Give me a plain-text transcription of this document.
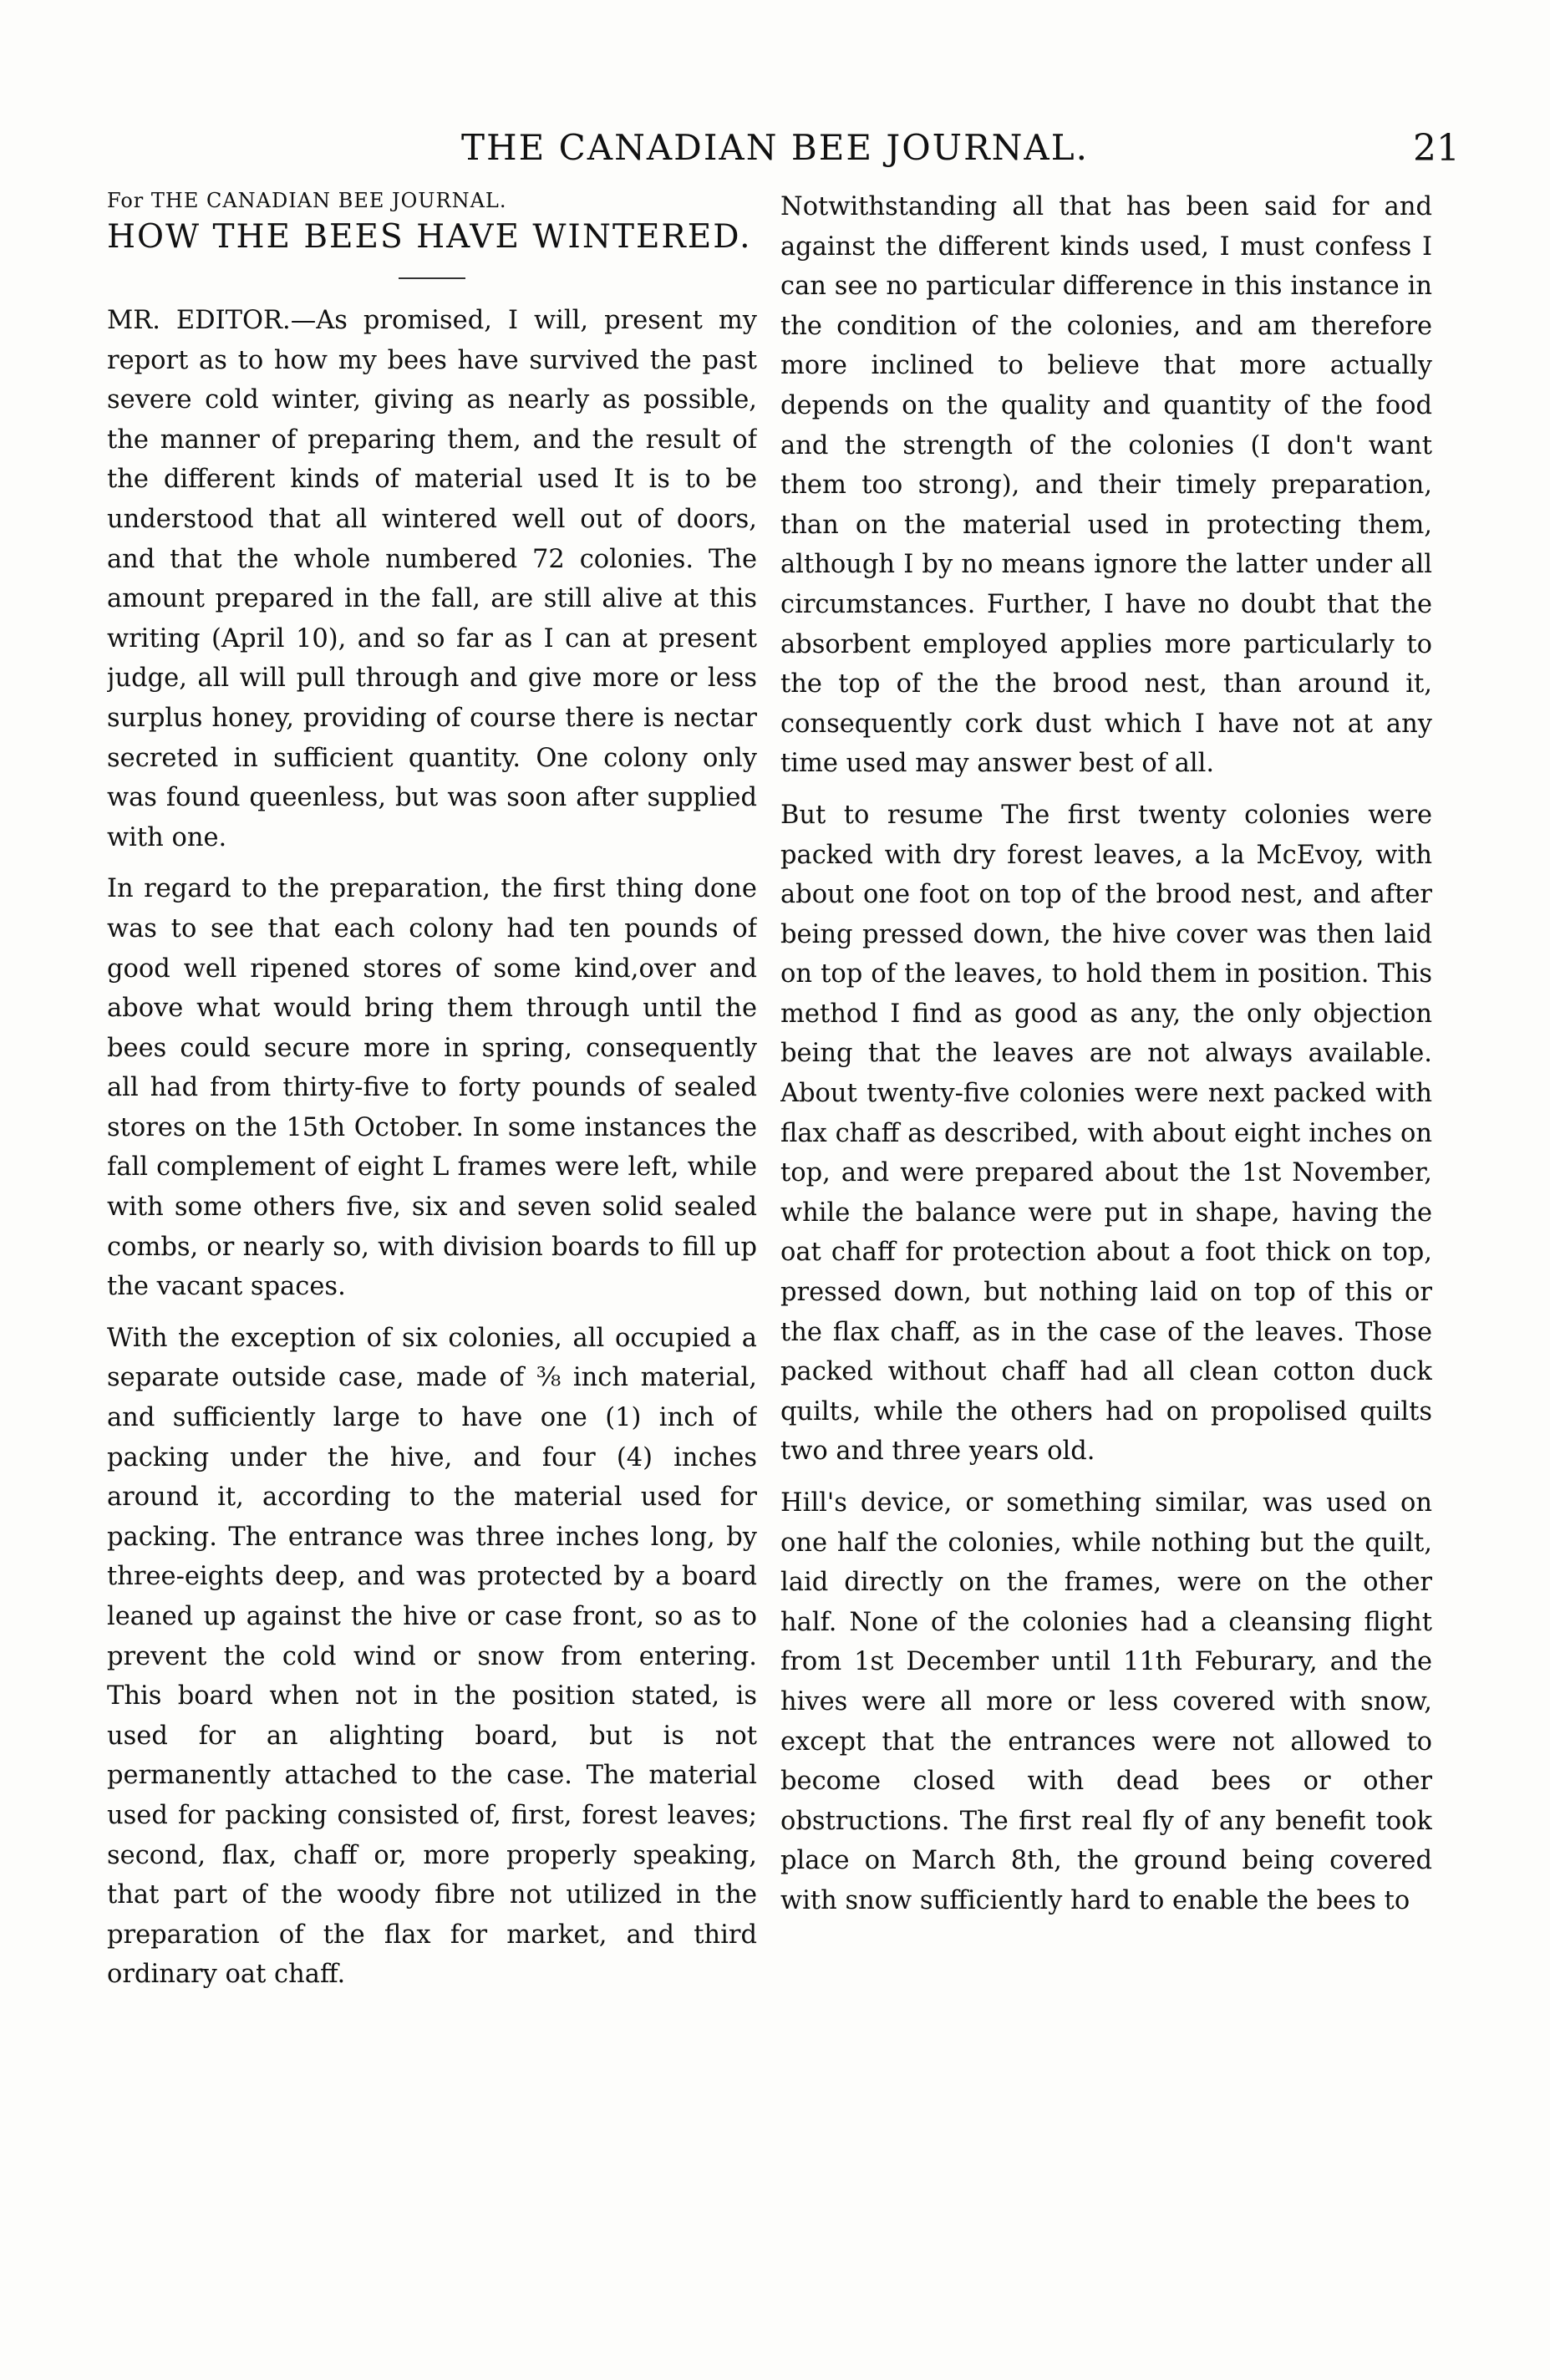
THE CANADIAN BEE JOURNAL.	21

For THE CANADIAN BEE JOURNAL.

HOW THE BEES HAVE WINTERED.

MR. EDITOR.—As promised, I will, present my report as to how my bees have survived the past severe cold winter, giving as nearly as possible, the manner of preparing them, and the result of the different kinds of material used It is to be understood that all wintered well out of doors, and that the whole numbered 72 colonies. The amount prepared in the fall, are still alive at this writing (April 10), and so far as I can at present judge, all will pull through and give more or less surplus honey, providing of course there is nectar secreted in sufficient quantity. One colony only was found queenless, but was soon after supplied with one.

In regard to the preparation, the first thing done was to see that each colony had ten pounds of good well ripened stores of some kind,over and above what would bring them through until the bees could secure more in spring, consequently all had from thirty-five to forty pounds of sealed stores on the 15th October. In some instances the fall complement of eight L frames were left, while with some others five, six and seven solid sealed combs, or nearly so, with division boards to fill up the vacant spaces.

With the exception of six colonies, all occupied a separate outside case, made of ⅜ inch material, and sufficiently large to have one (1) inch of packing under the hive, and four (4) inches around it, according to the material used for packing. The entrance was three inches long, by three-eights deep, and was protected by a board leaned up against the hive or case front, so as to prevent the cold wind or snow from entering. This board when not in the position stated, is used for an alighting board, but is not permanently attached to the case. The material used for packing consisted of, first, forest leaves; second, flax, chaff or, more properly speaking, that part of the woody fibre not utilized in the preparation of the flax for market, and third ordinary oat chaff.

Notwithstanding all that has been said for and against the different kinds used, I must confess I can see no particular difference in this instance in the condition of the colonies, and am therefore more inclined to believe that more actually depends on the quality and quantity of the food and the strength of the colonies (I don't want them too strong), and their timely preparation, than on the material used in protecting them, although I by no means ignore the latter under all circumstances. Further, I have no doubt that the absorbent employed applies more particularly to the top of the the brood nest, than around it, consequently cork dust which I have not at any time used may answer best of all.

But to resume The first twenty colonies were packed with dry forest leaves, a la McEvoy, with about one foot on top of the brood nest, and after being pressed down, the hive cover was then laid on top of the leaves, to hold them in position. This method I find as good as any, the only objection being that the leaves are not always available. About twenty-five colonies were next packed with flax chaff as described, with about eight inches on top, and were prepared about the 1st November, while the balance were put in shape, having the oat chaff for protection about a foot thick on top, pressed down, but nothing laid on top of this or the flax chaff, as in the case of the leaves. Those packed without chaff had all clean cotton duck quilts, while the others had on propolised quilts two and three years old.

Hill's device, or something similar, was used on one half the colonies, while nothing but the quilt, laid directly on the frames, were on the other half. None of the colonies had a cleansing flight from 1st December until 11th Feburary, and the hives were all more or less covered with snow, except that the entrances were not allowed to become closed with dead bees or other obstructions. The first real fly of any benefit took place on March 8th, the ground being covered with snow sufficiently hard to enable the bees to
